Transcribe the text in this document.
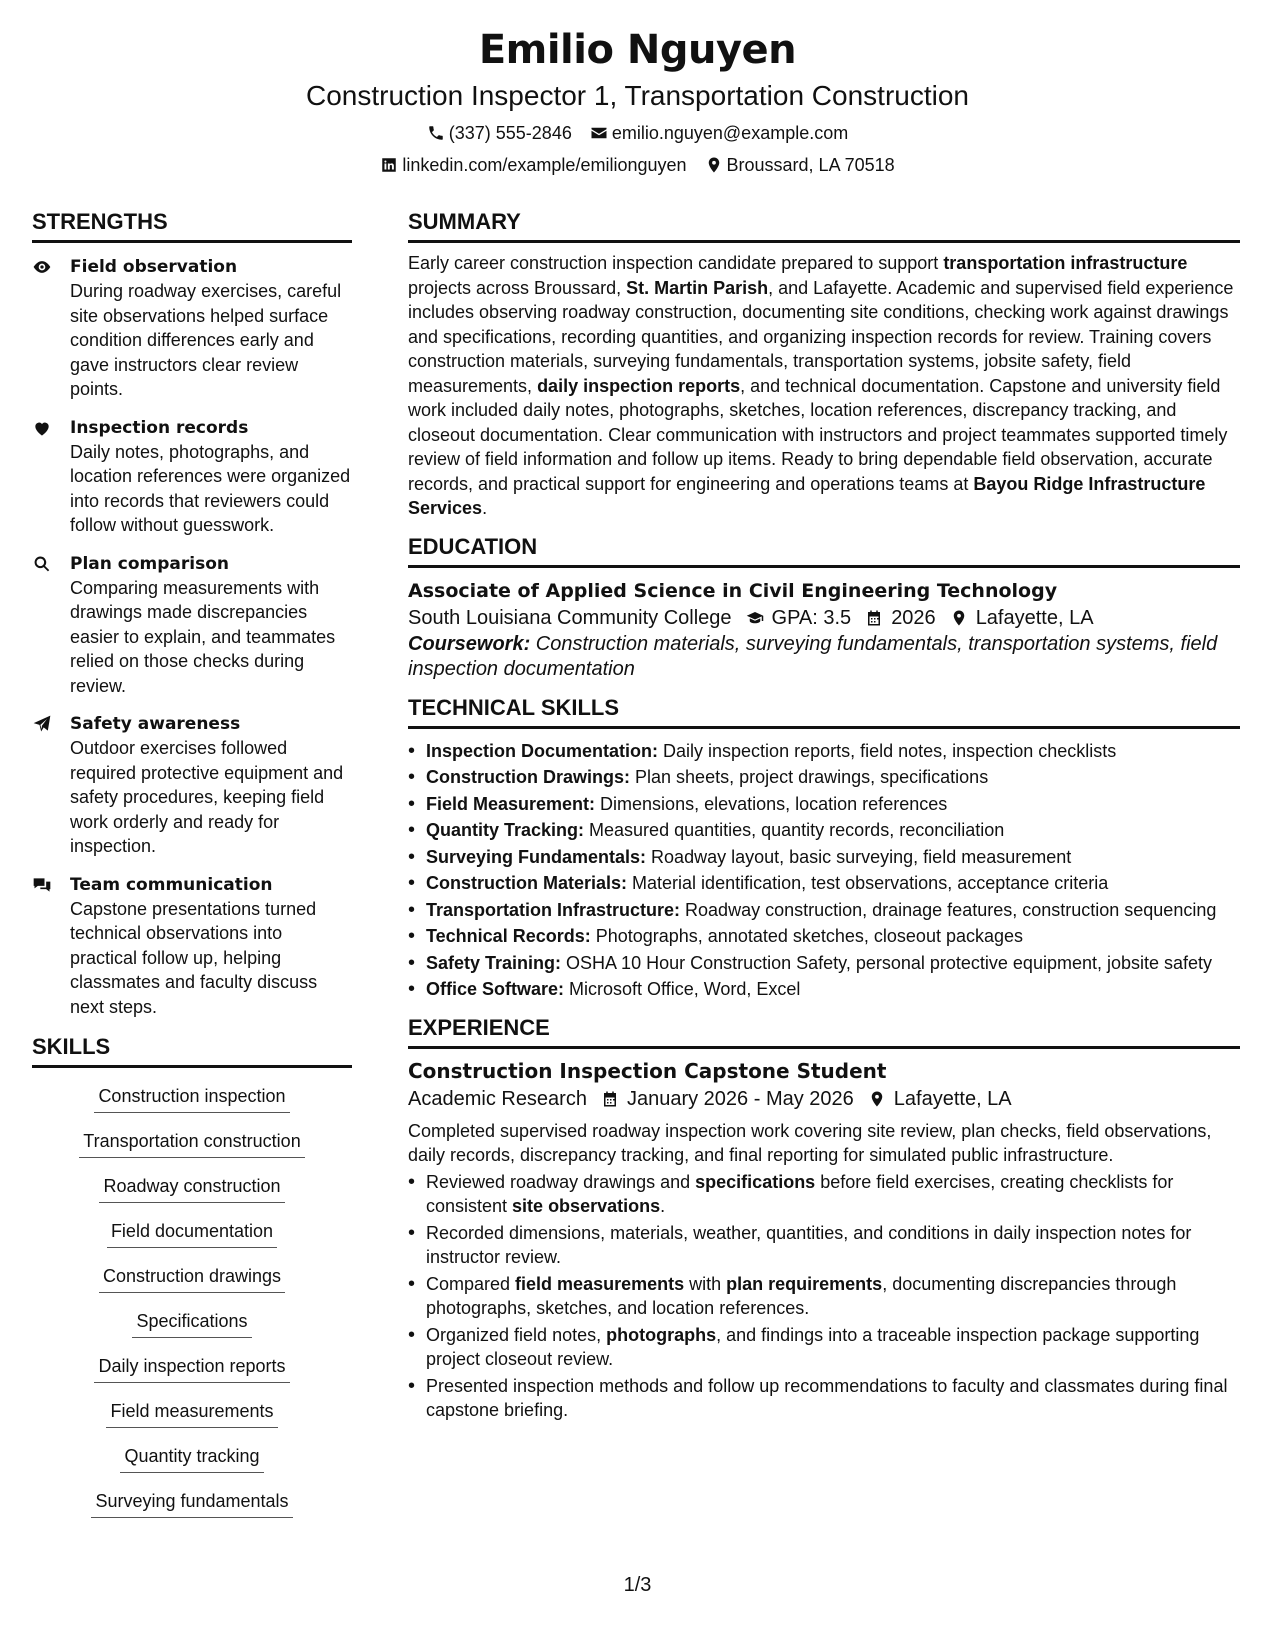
Emilio Nguyen
Construction Inspector 1, Transportation Construction
(337) 555-2846 emilio.nguyen@example.com
linkedin.com/example/emilionguyen Broussard, LA 70518
STRENGTHS
Field observation
During roadway exercises, careful site observations helped surface condition differences early and gave instructors clear review points.
Inspection records
Daily notes, photographs, and location references were organized into records that reviewers could follow without guesswork.
Plan comparison
Comparing measurements with drawings made discrepancies easier to explain, and teammates relied on those checks during review.
Safety awareness
Outdoor exercises followed required protective equipment and safety procedures, keeping field work orderly and ready for inspection.
Team communication
Capstone presentations turned technical observations into practical follow up, helping classmates and faculty discuss next steps.
SKILLS
Construction inspection
Transportation construction
Roadway construction
Field documentation
Construction drawings
Specifications
Daily inspection reports
Field measurements
Quantity tracking
Surveying fundamentals
SUMMARY
Early career construction inspection candidate prepared to support transportation infrastructure projects across Broussard, St. Martin Parish, and Lafayette. Academic and supervised field experience includes observing roadway construction, documenting site conditions, checking work against drawings and specifications, recording quantities, and organizing inspection records for review. Training covers construction materials, surveying fundamentals, transportation systems, jobsite safety, field measurements, daily inspection reports, and technical documentation. Capstone and university field work included daily notes, photographs, sketches, location references, discrepancy tracking, and closeout documentation. Clear communication with instructors and project teammates supported timely review of field information and follow up items. Ready to bring dependable field observation, accurate records, and practical support for engineering and operations teams at Bayou Ridge Infrastructure Services.
EDUCATION
Associate of Applied Science in Civil Engineering Technology
South Louisiana Community College GPA: 3.5 2026 Lafayette, LA
Coursework: Construction materials, surveying fundamentals, transportation systems, field inspection documentation
TECHNICAL SKILLS
• Inspection Documentation: Daily inspection reports, field notes, inspection checklists
• Construction Drawings: Plan sheets, project drawings, specifications
• Field Measurement: Dimensions, elevations, location references
• Quantity Tracking: Measured quantities, quantity records, reconciliation
• Surveying Fundamentals: Roadway layout, basic surveying, field measurement
• Construction Materials: Material identification, test observations, acceptance criteria
• Transportation Infrastructure: Roadway construction, drainage features, construction sequencing
• Technical Records: Photographs, annotated sketches, closeout packages
• Safety Training: OSHA 10 Hour Construction Safety, personal protective equipment, jobsite safety
• Office Software: Microsoft Office, Word, Excel
EXPERIENCE
Construction Inspection Capstone Student
Academic Research January 2026 - May 2026 Lafayette, LA
Completed supervised roadway inspection work covering site review, plan checks, field observations, daily records, discrepancy tracking, and final reporting for simulated public infrastructure.
• Reviewed roadway drawings and specifications before field exercises, creating checklists for consistent site observations.
• Recorded dimensions, materials, weather, quantities, and conditions in daily inspection notes for instructor review.
• Compared field measurements with plan requirements, documenting discrepancies through photographs, sketches, and location references.
• Organized field notes, photographs, and findings into a traceable inspection package supporting project closeout review.
• Presented inspection methods and follow up recommendations to faculty and classmates during final capstone briefing.
1/3
